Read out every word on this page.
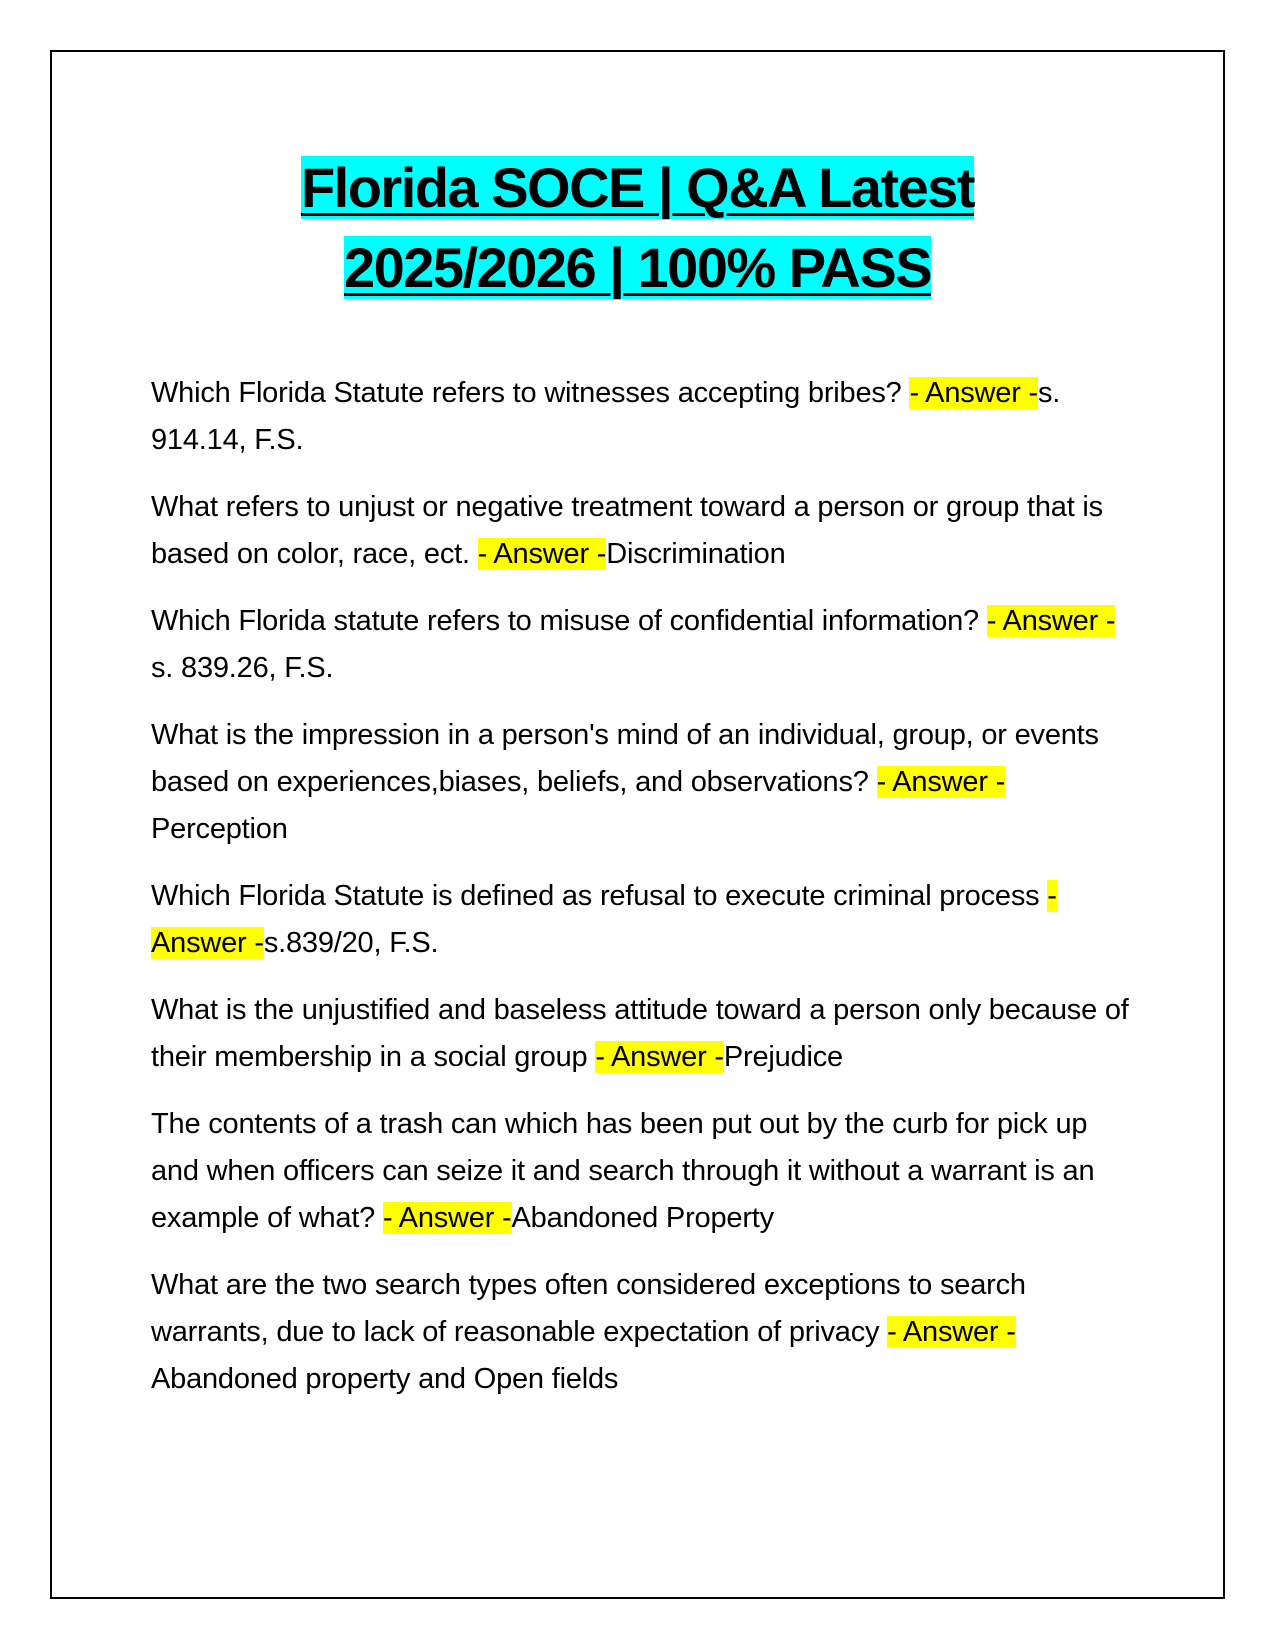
Florida SOCE | Q&A Latest
2025/2026 | 100% PASS
Which Florida Statute refers to witnesses accepting bribes? - Answer -s. 914.14, F.S.
What refers to unjust or negative treatment toward a person or group that is based on color, race, ect. - Answer -Discrimination
Which Florida statute refers to misuse of confidential information? - Answer -s. 839.26, F.S.
What is the impression in a person's mind of an individual, group, or events based on experiences,biases, beliefs, and observations? - Answer -Perception
Which Florida Statute is defined as refusal to execute criminal process - Answer -s.839/20, F.S.
What is the unjustified and baseless attitude toward a person only because of their membership in a social group - Answer -Prejudice
The contents of a trash can which has been put out by the curb for pick up and when officers can seize it and search through it without a warrant is an example of what? - Answer -Abandoned Property
What are the two search types often considered exceptions to search warrants, due to lack of reasonable expectation of privacy - Answer -Abandoned property and Open fields
